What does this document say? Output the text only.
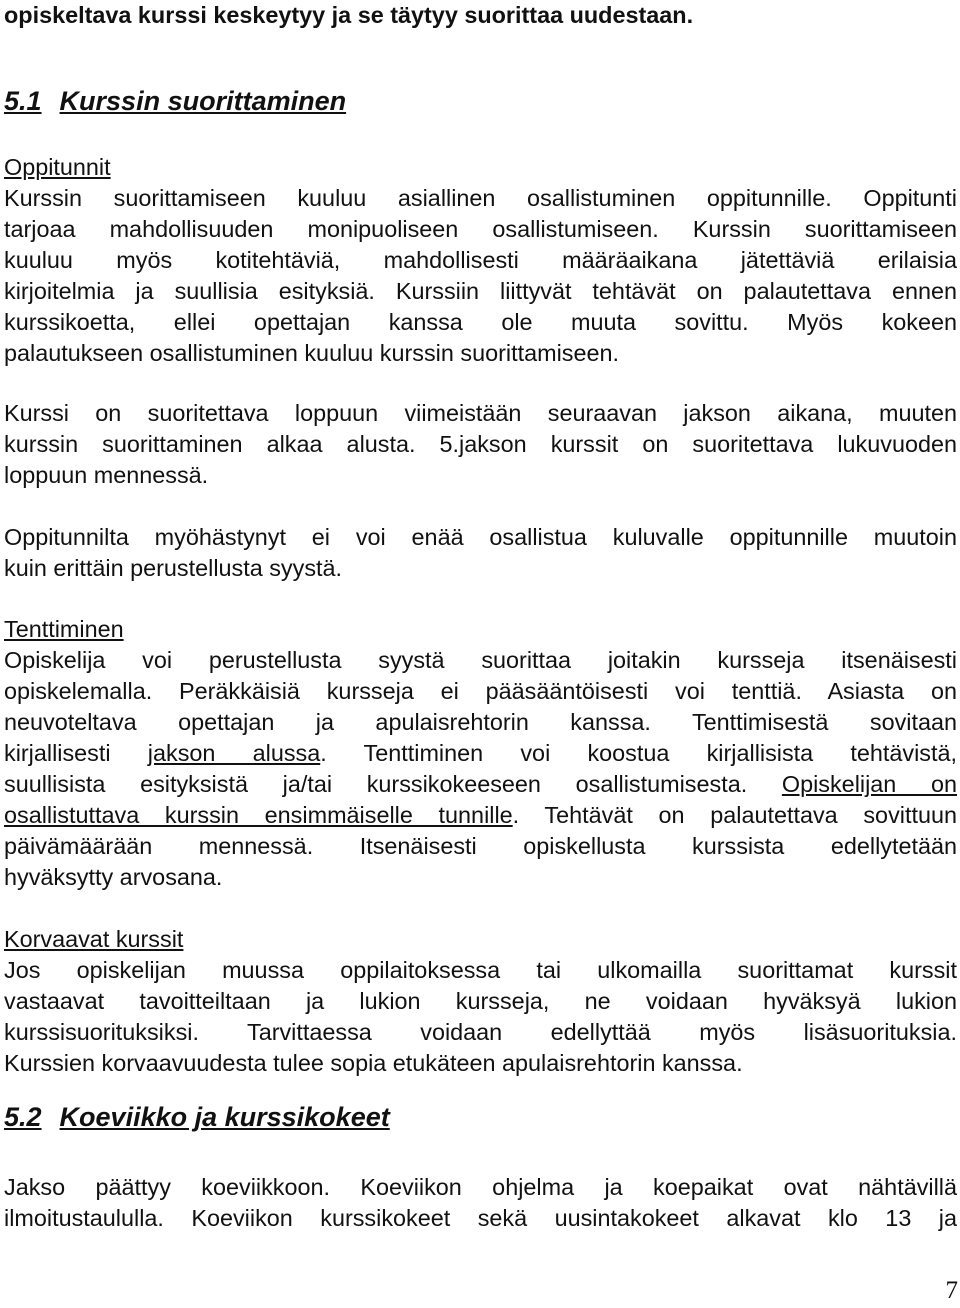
opiskeltava kurssi keskeytyy ja se täytyy suorittaa uudestaan.

5.1 Kurssin suorittaminen

Oppitunnit

Kurssin suorittamiseen kuuluu asiallinen osallistuminen oppitunnille. Oppitunti

tarjoaa mahdollisuuden monipuoliseen osallistumiseen. Kurssin suorittamiseen

kuuluu myös kotitehtäviä, mahdollisesti määräaikana jätettäviä erilaisia

kirjoitelmia ja suullisia esityksiä. Kurssiin liittyvät tehtävät on palautettava ennen

kurssikoetta, ellei opettajan kanssa ole muuta sovittu. Myös kokeen

palautukseen osallistuminen kuuluu kurssin suorittamiseen.

Kurssi on suoritettava loppuun viimeistään seuraavan jakson aikana, muuten

kurssin suorittaminen alkaa alusta. 5.jakson kurssit on suoritettava lukuvuoden

loppuun mennessä.

Oppitunnilta myöhästynyt ei voi enää osallistua kuluvalle oppitunnille muutoin

kuin erittäin perustellusta syystä.

Tenttiminen

Opiskelija voi perustellusta syystä suorittaa joitakin kursseja itsenäisesti

opiskelemalla. Peräkkäisiä kursseja ei pääsääntöisesti voi tenttiä. Asiasta on

neuvoteltava opettajan ja apulaisrehtorin kanssa. Tenttimisestä sovitaan

kirjallisesti jakson alussa. Tenttiminen voi koostua kirjallisista tehtävistä,

suullisista esityksistä ja/tai kurssikokeeseen osallistumisesta. Opiskelijan on

osallistuttava kurssin ensimmäiselle tunnille. Tehtävät on palautettava sovittuun

päivämäärään mennessä. Itsenäisesti opiskellusta kurssista edellytetään

hyväksytty arvosana.

Korvaavat kurssit

Jos opiskelijan muussa oppilaitoksessa tai ulkomailla suorittamat kurssit

vastaavat tavoitteiltaan ja lukion kursseja, ne voidaan hyväksyä lukion

kurssisuorituksiksi. Tarvittaessa voidaan edellyttää myös lisäsuorituksia.

Kurssien korvaavuudesta tulee sopia etukäteen apulaisrehtorin kanssa.

5.2 Koeviikko ja kurssikokeet

Jakso päättyy koeviikkoon. Koeviikon ohjelma ja koepaikat ovat nähtävillä

ilmoitustaululla. Koeviikon kurssikokeet sekä uusintakokeet alkavat klo 13 ja

7
